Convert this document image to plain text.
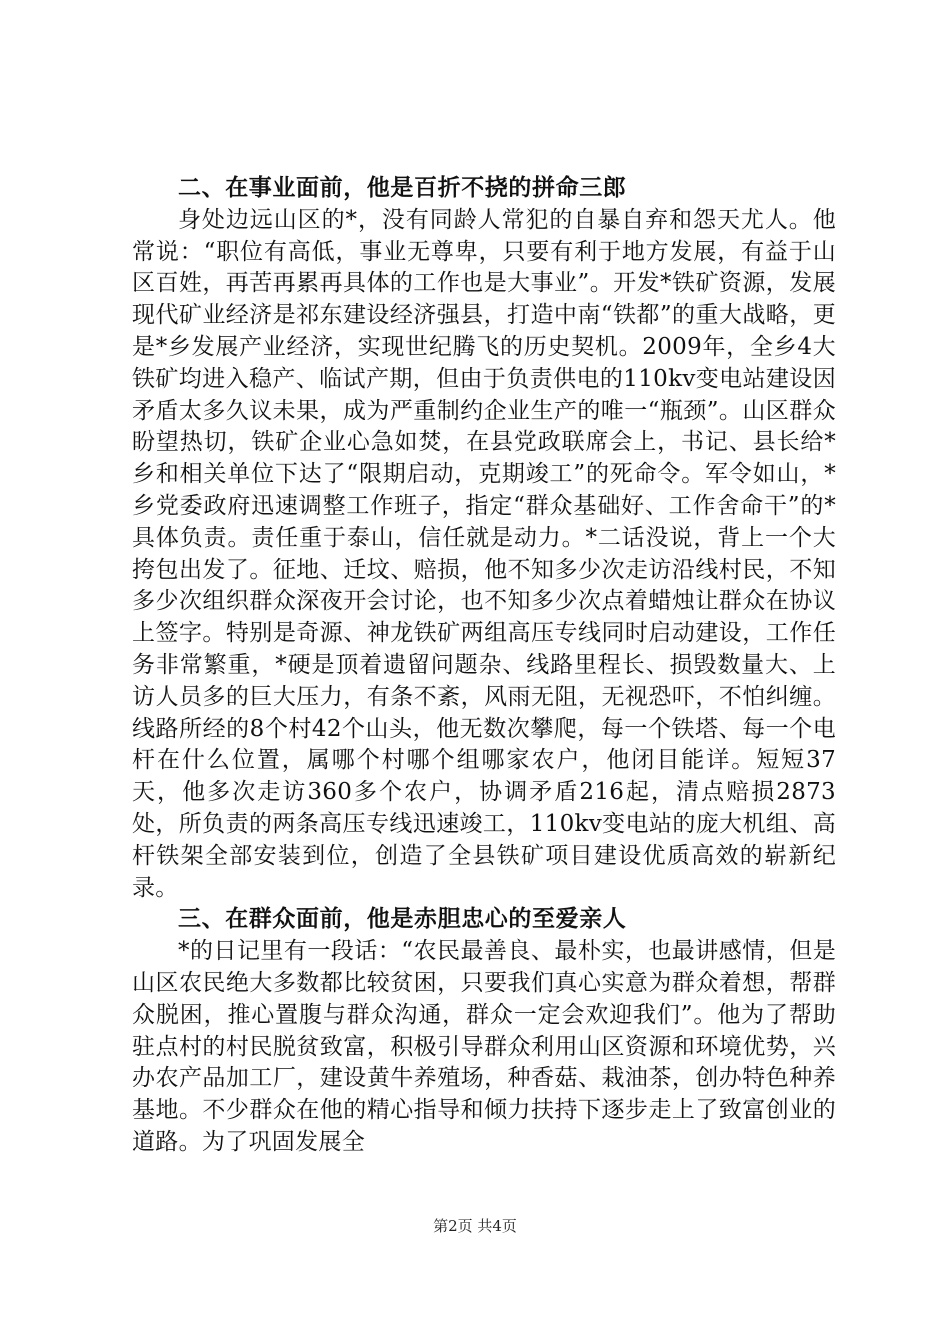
二、在事业面前，他是百折不挠的拼命三郎

身处边远山区的*，没有同龄人常犯的自暴自弃和怨天尤人。他常说：“职位有高低，事业无尊卑，只要有利于地方发展，有益于山区百姓，再苦再累再具体的工作也是大事业”。开发*铁矿资源，发展现代矿业经济是祁东建设经济强县，打造中南“铁都”的重大战略，更是*乡发展产业经济，实现世纪腾飞的历史契机。2009年，全乡4大铁矿均进入稳产、临试产期，但由于负责供电的110kv变电站建设因矛盾太多久议未果，成为严重制约企业生产的唯一“瓶颈”。山区群众盼望热切，铁矿企业心急如焚，在县党政联席会上，书记、县长给*乡和相关单位下达了“限期启动，克期竣工”的死命令。军令如山，*乡党委政府迅速调整工作班子，指定“群众基础好、工作舍命干”的*具体负责。责任重于泰山，信任就是动力。*二话没说，背上一个大挎包出发了。征地、迁坟、赔损，他不知多少次走访沿线村民，不知多少次组织群众深夜开会讨论，也不知多少次点着蜡烛让群众在协议上签字。特别是奇源、神龙铁矿两组高压专线同时启动建设，工作任务非常繁重，*硬是顶着遗留问题杂、线路里程长、损毁数量大、上访人员多的巨大压力，有条不紊，风雨无阻，无视恐吓，不怕纠缠。线路所经的8个村42个山头，他无数次攀爬，每一个铁塔、每一个电杆在什么位置，属哪个村哪个组哪家农户，他闭目能详。短短37天，他多次走访360多个农户，协调矛盾216起，清点赔损2873处，所负责的两条高压专线迅速竣工，110kv变电站的庞大机组、高杆铁架全部安装到位，创造了全县铁矿项目建设优质高效的崭新纪录。

三、在群众面前，他是赤胆忠心的至爱亲人

*的日记里有一段话：“农民最善良、最朴实，也最讲感情，但是山区农民绝大多数都比较贫困，只要我们真心实意为群众着想，帮群众脱困，推心置腹与群众沟通，群众一定会欢迎我们”。他为了帮助驻点村的村民脱贫致富，积极引导群众利用山区资源和环境优势，兴办农产品加工厂，建设黄牛养殖场，种香菇、栽油茶，创办特色种养基地。不少群众在他的精心指导和倾力扶持下逐步走上了致富创业的道路。为了巩固发展全

第2页 共4页
